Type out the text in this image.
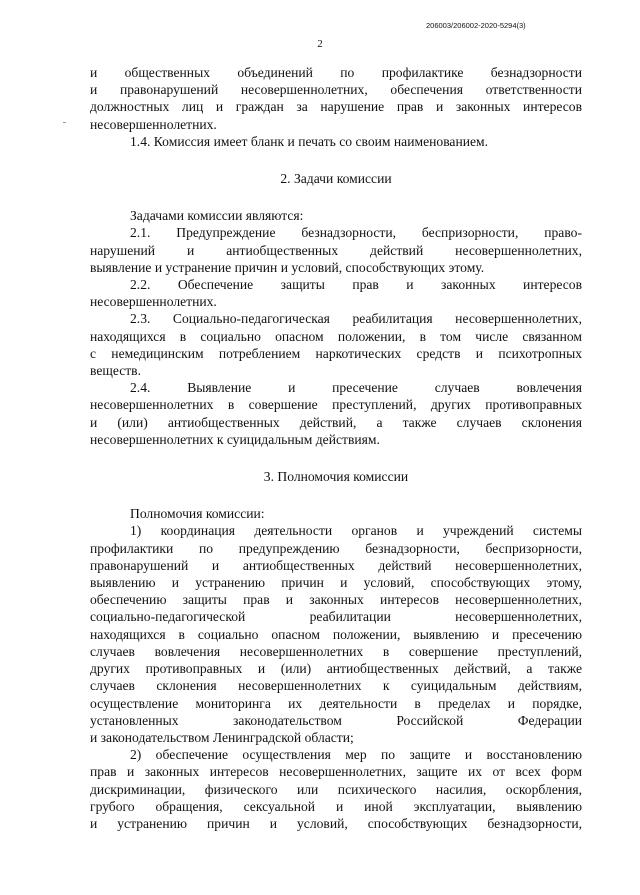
206003/206002-2020-5294(3)
2

и общественных объединений по профилактике безнадзорности

и правонарушений несовершеннолетних, обеспечения ответственности

должностных лиц и граждан за нарушение прав и законных интересов

несовершеннолетних.

1.4. Комиссия имеет бланк и печать со своим наименованием.

2. Задачи комиссии

Задачами комиссии являются:

2.1. Предупреждение безнадзорности, беспризорности, право-

нарушений и антиобщественных действий несовершеннолетних,

выявление и устранение причин и условий, способствующих этому.

2.2. Обеспечение защиты прав и законных интересов

несовершеннолетних.

2.3. Социально-педагогическая реабилитация несовершеннолетних,

находящихся в социально опасном положении, в том числе связанном

с немедицинским потреблением наркотических средств и психотропных

веществ.

2.4. Выявление и пресечение случаев вовлечения

несовершеннолетних в совершение преступлений, других противоправных

и (или) антиобщественных действий, а также случаев склонения

несовершеннолетних к суицидальным действиям.

3. Полномочия комиссии

Полномочия комиссии:

1) координация деятельности органов и учреждений системы

профилактики по предупреждению безнадзорности, беспризорности,

правонарушений и антиобщественных действий несовершеннолетних,

выявлению и устранению причин и условий, способствующих этому,

обеспечению защиты прав и законных интересов несовершеннолетних,

социально-педагогической реабилитации несовершеннолетних,

находящихся в социально опасном положении, выявлению и пресечению

случаев вовлечения несовершеннолетних в совершение преступлений,

других противоправных и (или) антиобщественных действий, а также

случаев склонения несовершеннолетних к суицидальным действиям,

осуществление мониторинга их деятельности в пределах и порядке,

установленных законодательством Российской Федерации

и законодательством Ленинградской области;

2) обеспечение осуществления мер по защите и восстановлению

прав и законных интересов несовершеннолетних, защите их от всех форм

дискриминации, физического или психического насилия, оскорбления,

грубого обращения, сексуальной и иной эксплуатации, выявлению

и устранению причин и условий, способствующих безнадзорности,
